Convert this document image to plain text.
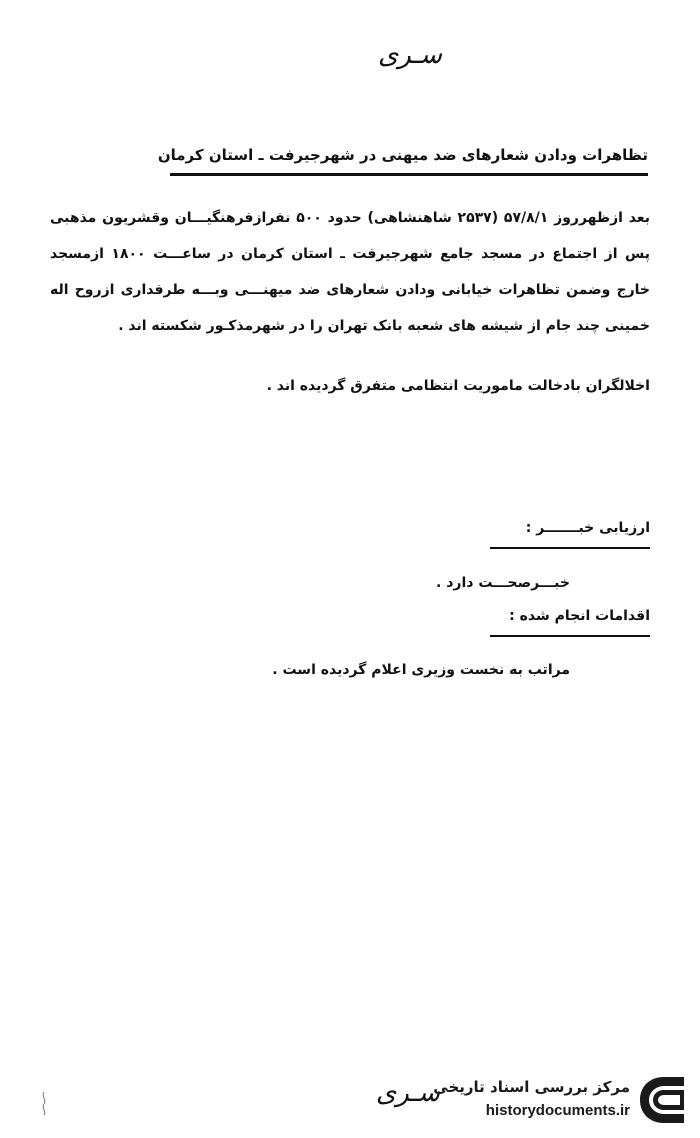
سـری
تظاهرات ودادن شعارهای ضد میهنی در شهرجیرفت ـ استان کرمان
بعد ازظهرروز ۵۷/۸/۱ (۲۵۳۷ شاهنشاهی) حدود ۵۰۰ نفرازفرهنگیـــان وقشریون مذهبی پس از اجتماع در مسجد جامع شهرجیرفت ـ استان کرمان در ساعـــت ۱۸۰۰ ازمسجد خارج وضمن تظاهرات خیابانی ودادن شعارهای ضد میهنـــی وبـــه طرفداری ازروح اله خمینی چند جام از شیشه های شعبه بانک تهران را در شهرمذکـور شکسته اند .
اخلالگران بادخالت ماموریت انتظامی متفرق گردیده اند .
ارزیابی خبـــــــر :
خبـــرصحـــت دارد .
اقدامات انجام شده :
مراتب به نخست وزیری اعلام گردیده است .
سـری
مرکز بررسی اسناد تاریخی
historydocuments.ir
